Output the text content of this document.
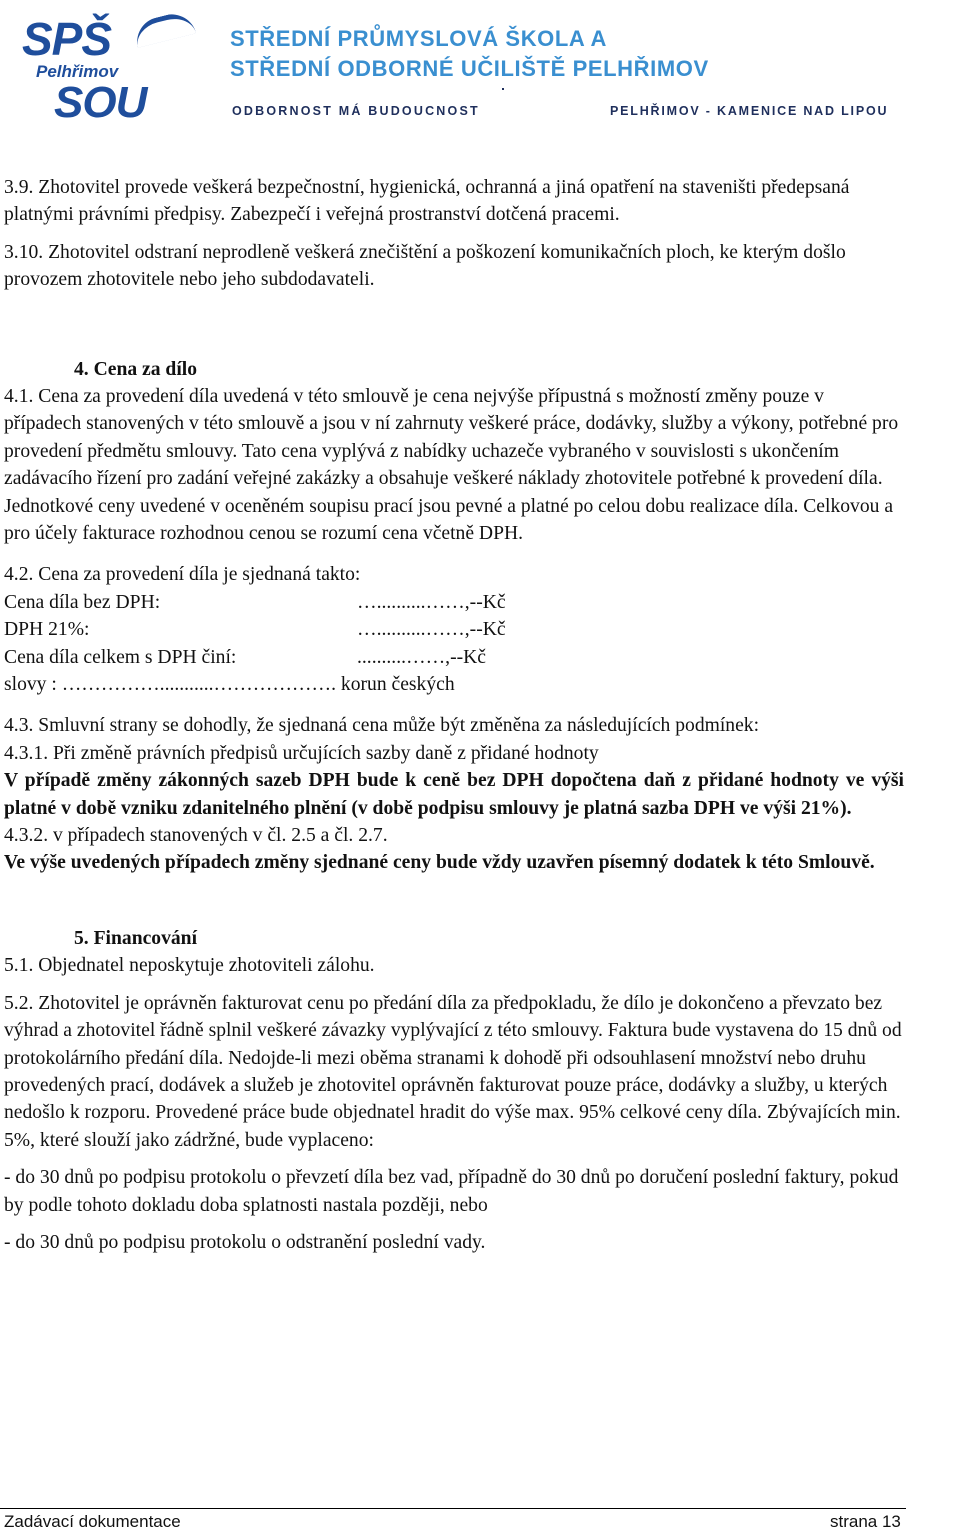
SPŠ
Pelhřimov
SOU
STŘEDNÍ PRŮMYSLOVÁ ŠKOLA A
STŘEDNÍ ODBORNÉ UČILIŠTĚ PELHŘIMOV
ODBORNOST MÁ BUDOUCNOST	PELHŘIMOV - KAMENICE NAD LIPOU

3.9. Zhotovitel provede veškerá bezpečnostní, hygienická, ochranná a jiná opatření na staveništi předepsaná platnými právními předpisy. Zabezpečí i veřejná prostranství dotčená pracemi.

3.10. Zhotovitel odstraní neprodleně veškerá znečištění a poškození komunikačních ploch, ke kterým došlo provozem zhotovitele nebo jeho subdodavateli.

4. Cena za dílo

4.1. Cena za provedení díla uvedená v této smlouvě je cena nejvýše přípustná s možností změny pouze v případech stanovených v této smlouvě a jsou v ní zahrnuty veškeré práce, dodávky, služby a výkony, potřebné pro provedení předmětu smlouvy. Tato cena vyplývá z nabídky uchazeče vybraného v souvislosti s ukončením zadávacího řízení pro zadání veřejné zakázky a obsahuje veškeré náklady zhotovitele potřebné k provedení díla. Jednotkové ceny uvedené v oceněném soupisu prací jsou pevné a platné po celou dobu realizace díla. Celkovou a pro účely fakturace rozhodnou cenou se rozumí cena včetně DPH.

4.2. Cena za provedení díla je sjednaná takto:

Cena díla bez DPH:	…..........……,--Kč
DPH 21%:	…..........……,--Kč
Cena díla celkem s DPH činí:	..........……,--Kč

slovy : ……………...........………………. korun českých

4.3. Smluvní strany se dohodly, že sjednaná cena může být změněna za následujících podmínek:

4.3.1. Při změně právních předpisů určujících sazby daně z přidané hodnoty

V případě změny zákonných sazeb DPH bude k ceně bez DPH dopočtena daň z přidané hodnoty ve výši platné v době vzniku zdanitelného plnění (v době podpisu smlouvy je platná sazba DPH ve výši 21%).

4.3.2. v případech stanovených v čl. 2.5 a čl. 2.7.

Ve výše uvedených případech změny sjednané ceny bude vždy uzavřen písemný dodatek k této Smlouvě.

5. Financování

5.1. Objednatel neposkytuje zhotoviteli zálohu.

5.2. Zhotovitel je oprávněn fakturovat cenu po předání díla za předpokladu, že dílo je dokončeno a převzato bez výhrad a zhotovitel řádně splnil veškeré závazky vyplývající z této smlouvy. Faktura bude vystavena do 15 dnů od protokolárního předání díla. Nedojde-li mezi oběma stranami k dohodě při odsouhlasení množství nebo druhu provedených prací, dodávek a služeb je zhotovitel oprávněn fakturovat pouze práce, dodávky a služby, u kterých nedošlo k rozporu. Provedené práce bude objednatel hradit do výše max. 95% celkové ceny díla. Zbývajících min. 5%, které slouží jako zádržné, bude vyplaceno:

- do 30 dnů po podpisu protokolu o převzetí díla bez vad, případně do 30 dnů po doručení poslední faktury, pokud by podle tohoto dokladu doba splatnosti nastala později, nebo

- do 30 dnů po podpisu protokolu o odstranění poslední vady.

Zadávací dokumentace	strana 13
